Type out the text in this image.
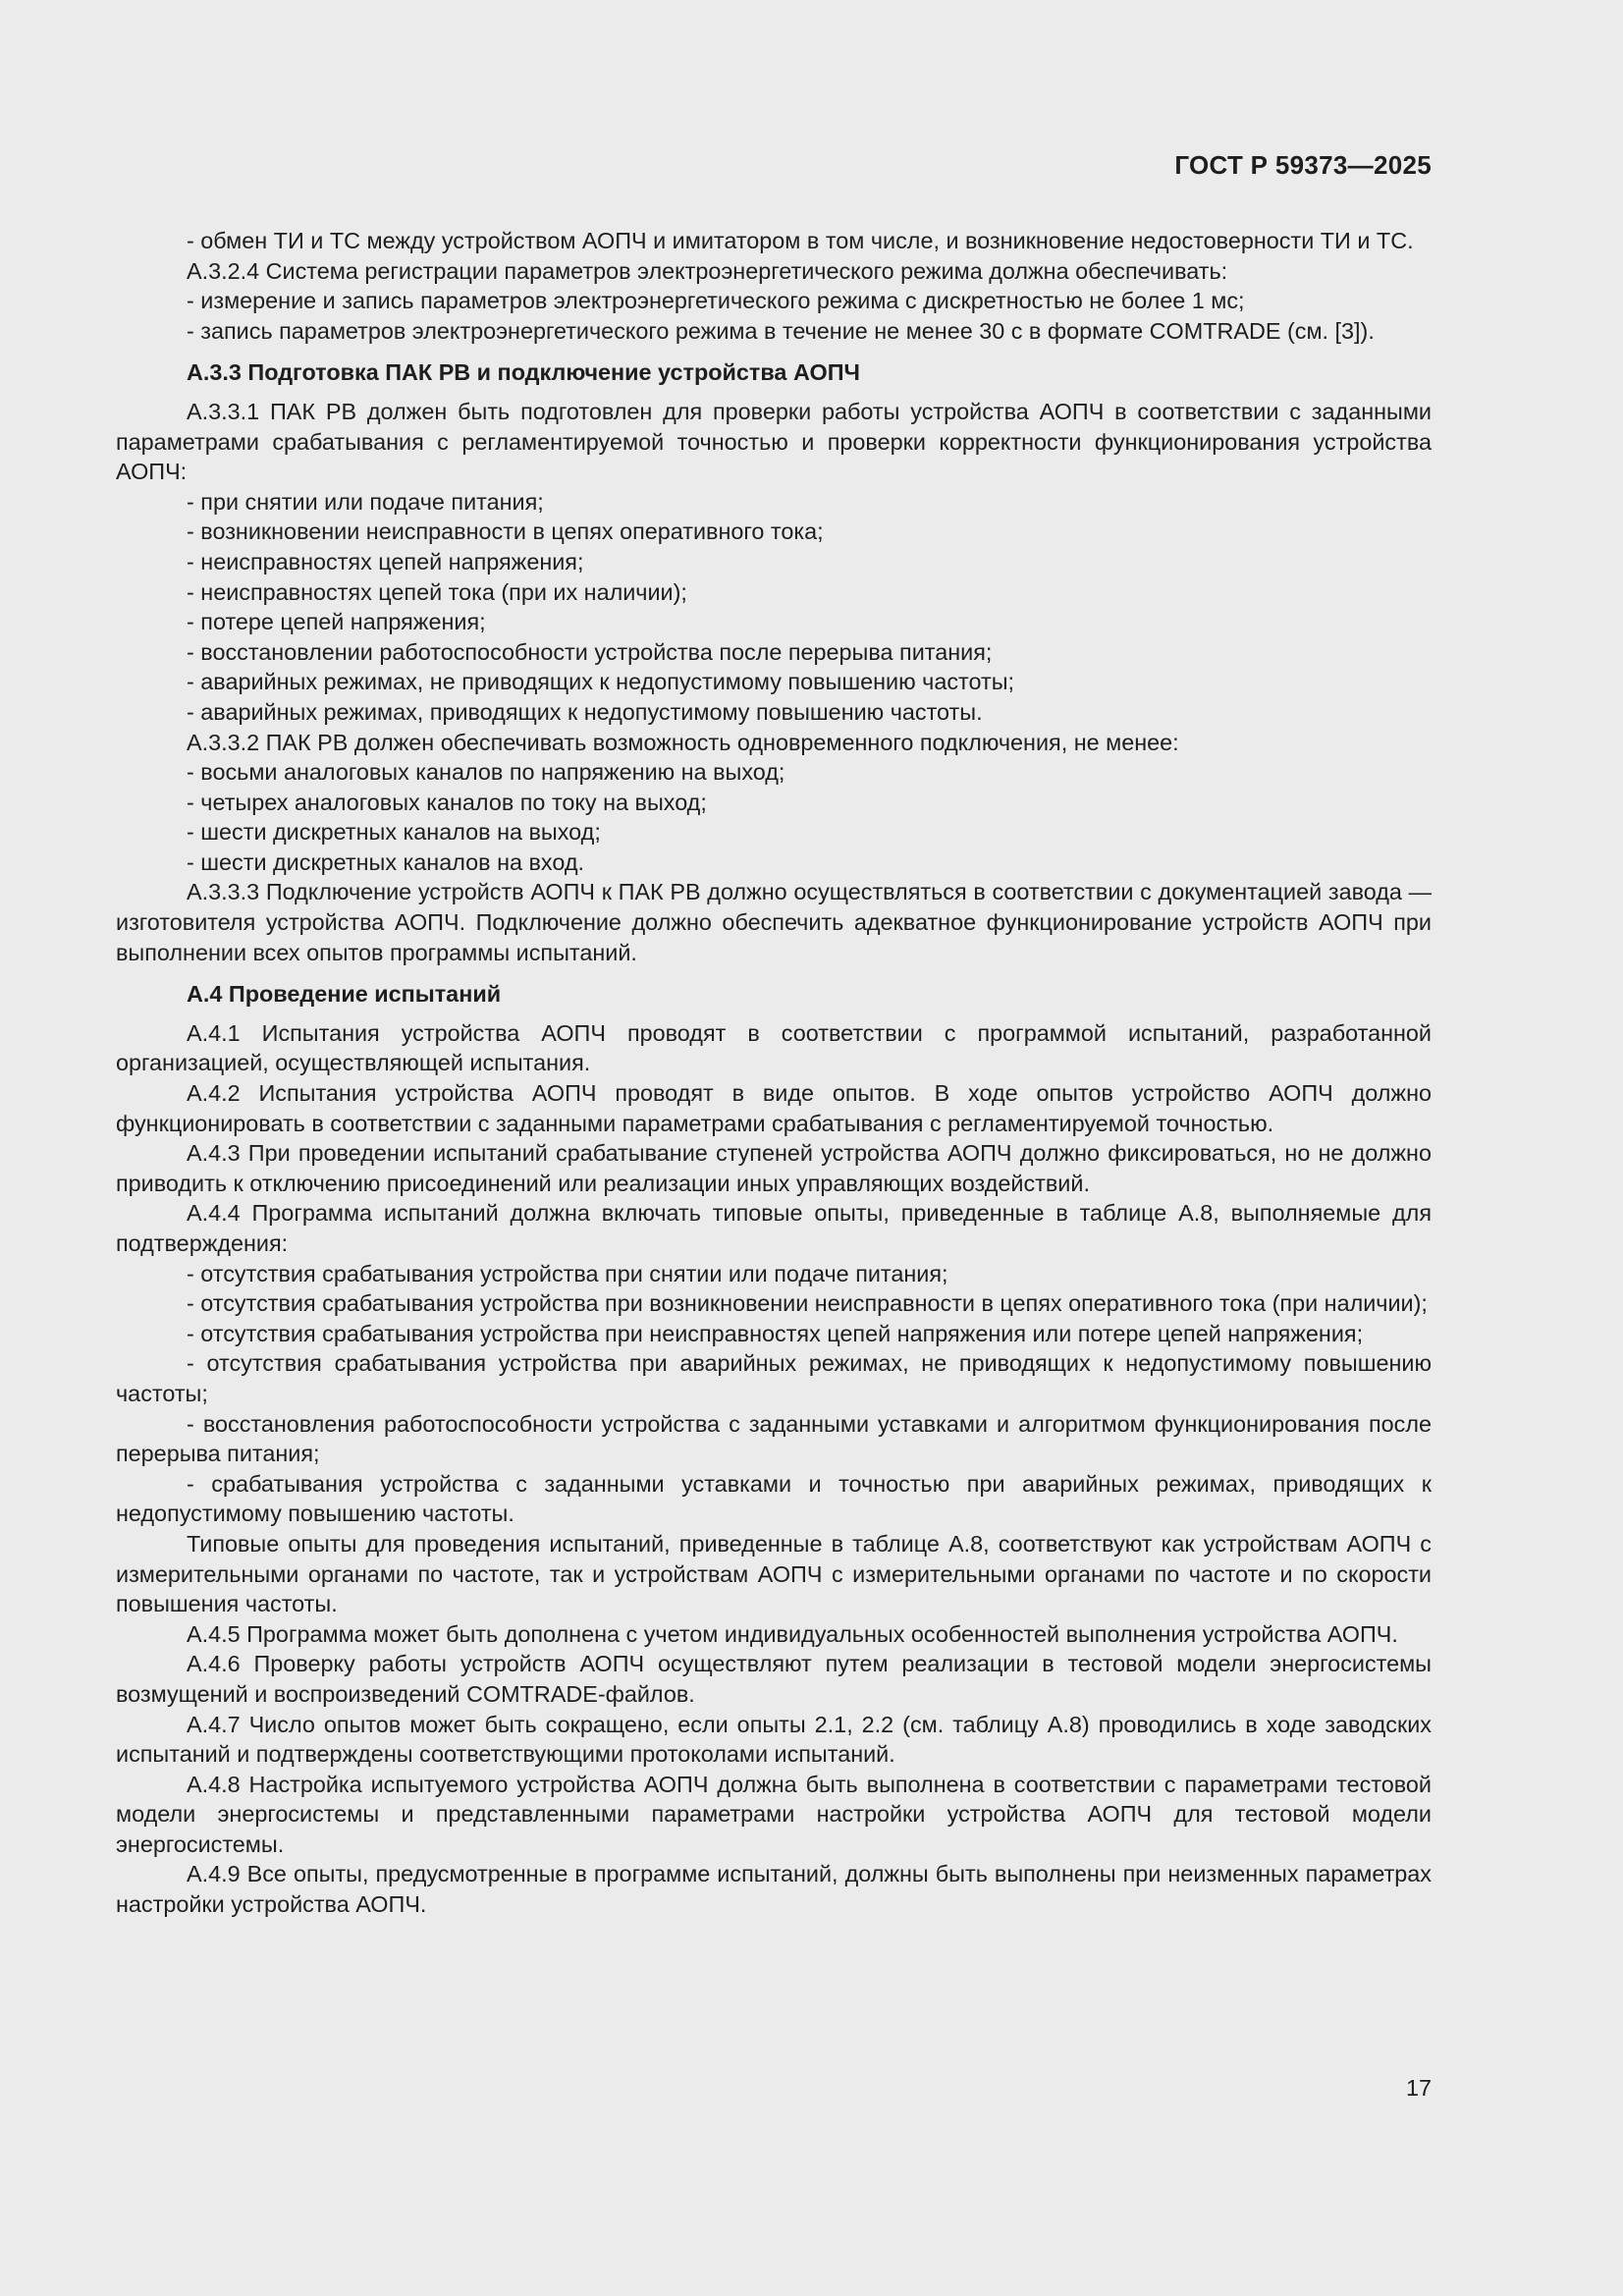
ГОСТ Р 59373—2025

- обмен ТИ и ТС между устройством АОПЧ и имитатором в том числе, и возникновение недостоверности ТИ и ТС.

А.3.2.4 Система регистрации параметров электроэнергетического режима должна обеспечивать:

- измерение и запись параметров электроэнергетического режима с дискретностью не более 1 мс;

- запись параметров электроэнергетического режима в течение не менее 30 с в формате COMTRADE (см. [3]).

А.3.3 Подготовка ПАК РВ и подключение устройства АОПЧ

А.3.3.1 ПАК РВ должен быть подготовлен для проверки работы устройства АОПЧ в соответствии с заданными параметрами срабатывания с регламентируемой точностью и проверки корректности функционирования устройства АОПЧ:

- при снятии или подаче питания;

- возникновении неисправности в цепях оперативного тока;

- неисправностях цепей напряжения;

- неисправностях цепей тока (при их наличии);

- потере цепей напряжения;

- восстановлении работоспособности устройства после перерыва питания;

- аварийных режимах, не приводящих к недопустимому повышению частоты;

- аварийных режимах, приводящих к недопустимому повышению частоты.

А.3.3.2 ПАК РВ должен обеспечивать возможность одновременного подключения, не менее:

- восьми аналоговых каналов по напряжению на выход;

- четырех аналоговых каналов по току на выход;

- шести дискретных каналов на выход;

- шести дискретных каналов на вход.

А.3.3.3 Подключение устройств АОПЧ к ПАК РВ должно осуществляться в соответствии с документацией завода — изготовителя устройства АОПЧ. Подключение должно обеспечить адекватное функционирование устройств АОПЧ при выполнении всех опытов программы испытаний.

А.4 Проведение испытаний

А.4.1 Испытания устройства АОПЧ проводят в соответствии с программой испытаний, разработанной организацией, осуществляющей испытания.

А.4.2 Испытания устройства АОПЧ проводят в виде опытов. В ходе опытов устройство АОПЧ должно функционировать в соответствии с заданными параметрами срабатывания с регламентируемой точностью.

А.4.3 При проведении испытаний срабатывание ступеней устройства АОПЧ должно фиксироваться, но не должно приводить к отключению присоединений или реализации иных управляющих воздействий.

А.4.4 Программа испытаний должна включать типовые опыты, приведенные в таблице А.8, выполняемые для подтверждения:

- отсутствия срабатывания устройства при снятии или подаче питания;

- отсутствия срабатывания устройства при возникновении неисправности в цепях оперативного тока (при наличии);

- отсутствия срабатывания устройства при неисправностях цепей напряжения или потере цепей напряжения;

- отсутствия срабатывания устройства при аварийных режимах, не приводящих к недопустимому повышению частоты;

- восстановления работоспособности устройства с заданными уставками и алгоритмом функционирования после перерыва питания;

- срабатывания устройства с заданными уставками и точностью при аварийных режимах, приводящих к недопустимому повышению частоты.

Типовые опыты для проведения испытаний, приведенные в таблице А.8, соответствуют как устройствам АОПЧ с измерительными органами по частоте, так и устройствам АОПЧ с измерительными органами по частоте и по скорости повышения частоты.

А.4.5 Программа может быть дополнена с учетом индивидуальных особенностей выполнения устройства АОПЧ.

А.4.6 Проверку работы устройств АОПЧ осуществляют путем реализации в тестовой модели энергосистемы возмущений и воспроизведений COMTRADE-файлов.

А.4.7 Число опытов может быть сокращено, если опыты 2.1, 2.2 (см. таблицу А.8) проводились в ходе заводских испытаний и подтверждены соответствующими протоколами испытаний.

А.4.8 Настройка испытуемого устройства АОПЧ должна быть выполнена в соответствии с параметрами тестовой модели энергосистемы и представленными параметрами настройки устройства АОПЧ для тестовой модели энергосистемы.

А.4.9 Все опыты, предусмотренные в программе испытаний, должны быть выполнены при неизменных параметрах настройки устройства АОПЧ.

17
